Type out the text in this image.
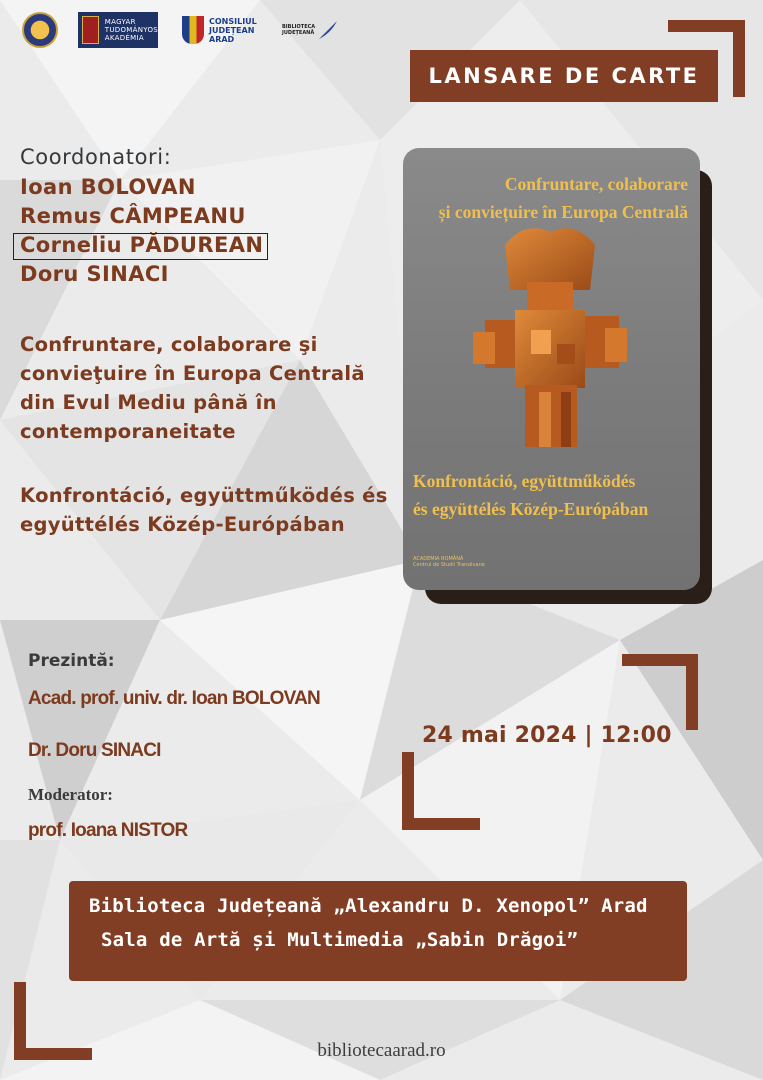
MAGYAR
TUDOMÁNYOS
AKADÉMIA
CONSILIUL
JUDEȚEAN
ARAD
BIBLIOTECA
JUDEȚEANĂ
LANSARE DE CARTE
Coordonatori:
Ioan BOLOVAN
Remus CÂMPEANU
Corneliu PĂDUREAN
Doru SINACI
Confruntare, colaborare şi convieţuire în Europa Centrală din Evul Mediu până în contemporaneitate
Konfrontáció, együttműködés és együttélés Közép-Európában
Confruntare, colaborare
și conviețuire în Europa Centrală
Konfrontáció, együttműködés
és együttélés Közép-Európában
ACADEMIA ROMÂNĂ
Centrul de Studii Transilvane
Prezintă:
Acad. prof. univ. dr. Ioan BOLOVAN
Dr. Doru SINACI
Moderator:
prof. Ioana NISTOR
24 mai 2024 | 12:00
Biblioteca Județeană „Alexandru D. Xenopol” Arad
Sala de Artă și Multimedia „Sabin Drăgoi”
bibliotecaarad.ro
